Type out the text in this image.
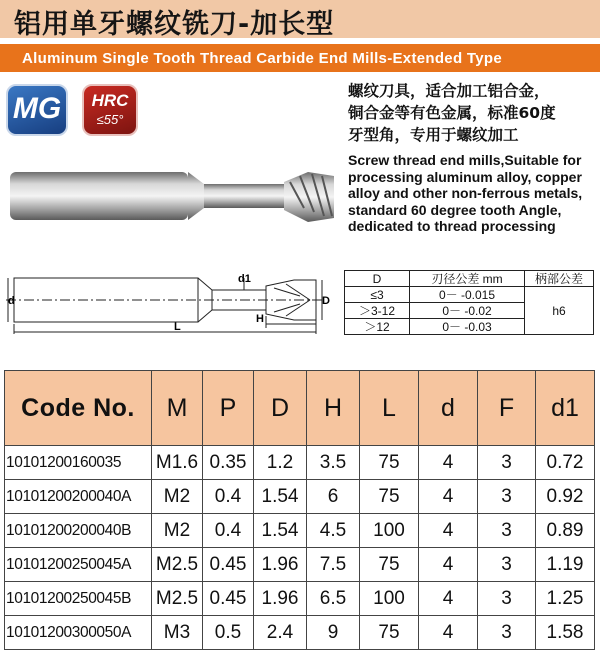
铝用单牙螺纹铣刀-加长型
Aluminum Single Tooth Thread Carbide End Mills-Extended Type
MG	HRC
≤55°
螺纹刀具，适合加工铝合金，
铜合金等有色金属，标准60度
牙型角，专用于螺纹加工
Screw thread end mills,Suitable for
processing aluminum alloy, copper
alloy and other non-ferrous metals,
standard 60 degree tooth Angle,
dedicated to thread processing
d
d1
D
H
L
D	刃径公差 mm	柄部公差
≤3	0－ -0.015	h6
＞3-12	0－ -0.02	
＞12	0－ -0.03	
Code No.	M	P	D	H	L	d	F	d1
10101200160035	M1.6	0.35	1.2	3.5	75	4	3	0.72
10101200200040A	M2	0.4	1.54	6	75	4	3	0.92
10101200200040B	M2	0.4	1.54	4.5	100	4	3	0.89
10101200250045A	M2.5	0.45	1.96	7.5	75	4	3	1.19
10101200250045B	M2.5	0.45	1.96	6.5	100	4	3	1.25
10101200300050A	M3	0.5	2.4	9	75	4	3	1.58
